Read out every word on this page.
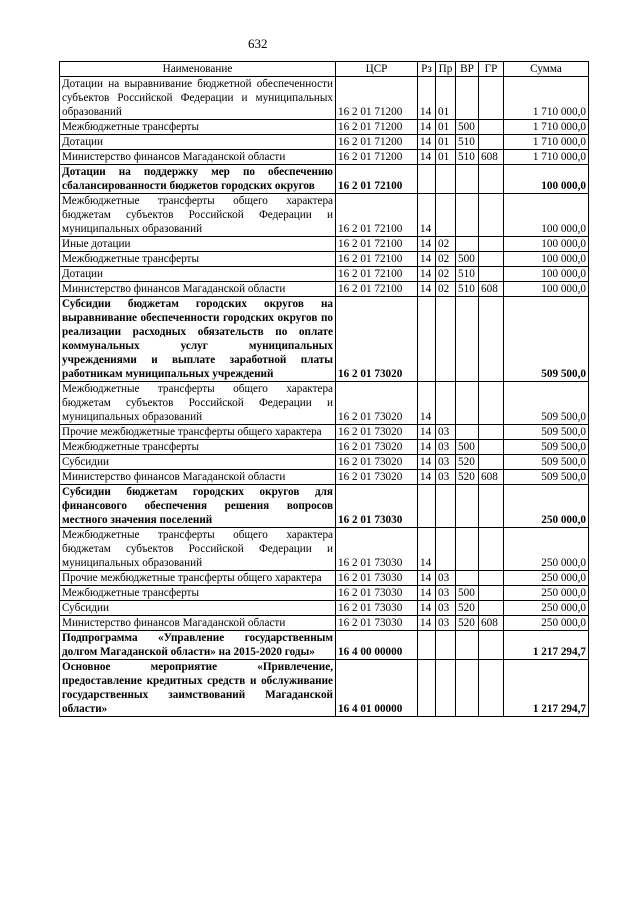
632
Наименование	ЦСР	Рз	Пр	ВР	ГР	Сумма
Дотации на выравнивание бюджетной обеспеченности субъектов Российской Федерации и муниципальных образований	16 2 01 71200	14	01			1 710 000,0
Межбюджетные трансферты	16 2 01 71200	14	01	500		1 710 000,0
Дотации	16 2 01 71200	14	01	510		1 710 000,0
Министерство финансов Магаданской области	16 2 01 71200	14	01	510	608	1 710 000,0
Дотации на поддержку мер по обеспечению сбалансированности бюджетов городских округов	16 2 01 72100					100 000,0
Межбюджетные трансферты общего характера бюджетам субъектов Российской Федерации и муниципальных образований	16 2 01 72100	14				100 000,0
Иные дотации	16 2 01 72100	14	02			100 000,0
Межбюджетные трансферты	16 2 01 72100	14	02	500		100 000,0
Дотации	16 2 01 72100	14	02	510		100 000,0
Министерство финансов Магаданской области	16 2 01 72100	14	02	510	608	100 000,0
Субсидии бюджетам городских округов на выравнивание обеспеченности городских округов по реализации расходных обязательств по оплате коммунальных услуг муниципальных учреждениями и выплате заработной платы работникам муниципальных учреждений	16 2 01 73020					509 500,0
Межбюджетные трансферты общего характера бюджетам субъектов Российской Федерации и муниципальных образований	16 2 01 73020	14				509 500,0
Прочие межбюджетные трансферты общего характера	16 2 01 73020	14	03			509 500,0
Межбюджетные трансферты	16 2 01 73020	14	03	500		509 500,0
Субсидии	16 2 01 73020	14	03	520		509 500,0
Министерство финансов Магаданской области	16 2 01 73020	14	03	520	608	509 500,0
Субсидии бюджетам городских округов для финансового обеспечения решения вопросов местного значения поселений	16 2 01 73030					250 000,0
Межбюджетные трансферты общего характера бюджетам субъектов Российской Федерации и муниципальных образований	16 2 01 73030	14				250 000,0
Прочие межбюджетные трансферты общего характера	16 2 01 73030	14	03			250 000,0
Межбюджетные трансферты	16 2 01 73030	14	03	500		250 000,0
Субсидии	16 2 01 73030	14	03	520		250 000,0
Министерство финансов Магаданской области	16 2 01 73030	14	03	520	608	250 000,0
Подпрограмма «Управление государственным долгом Магаданской области» на 2015-2020 годы»	16 4 00 00000					1 217 294,7
Основное мероприятие «Привлечение, предоставление кредитных средств и обслуживание государственных заимствований Магаданской области»	16 4 01 00000					1 217 294,7
